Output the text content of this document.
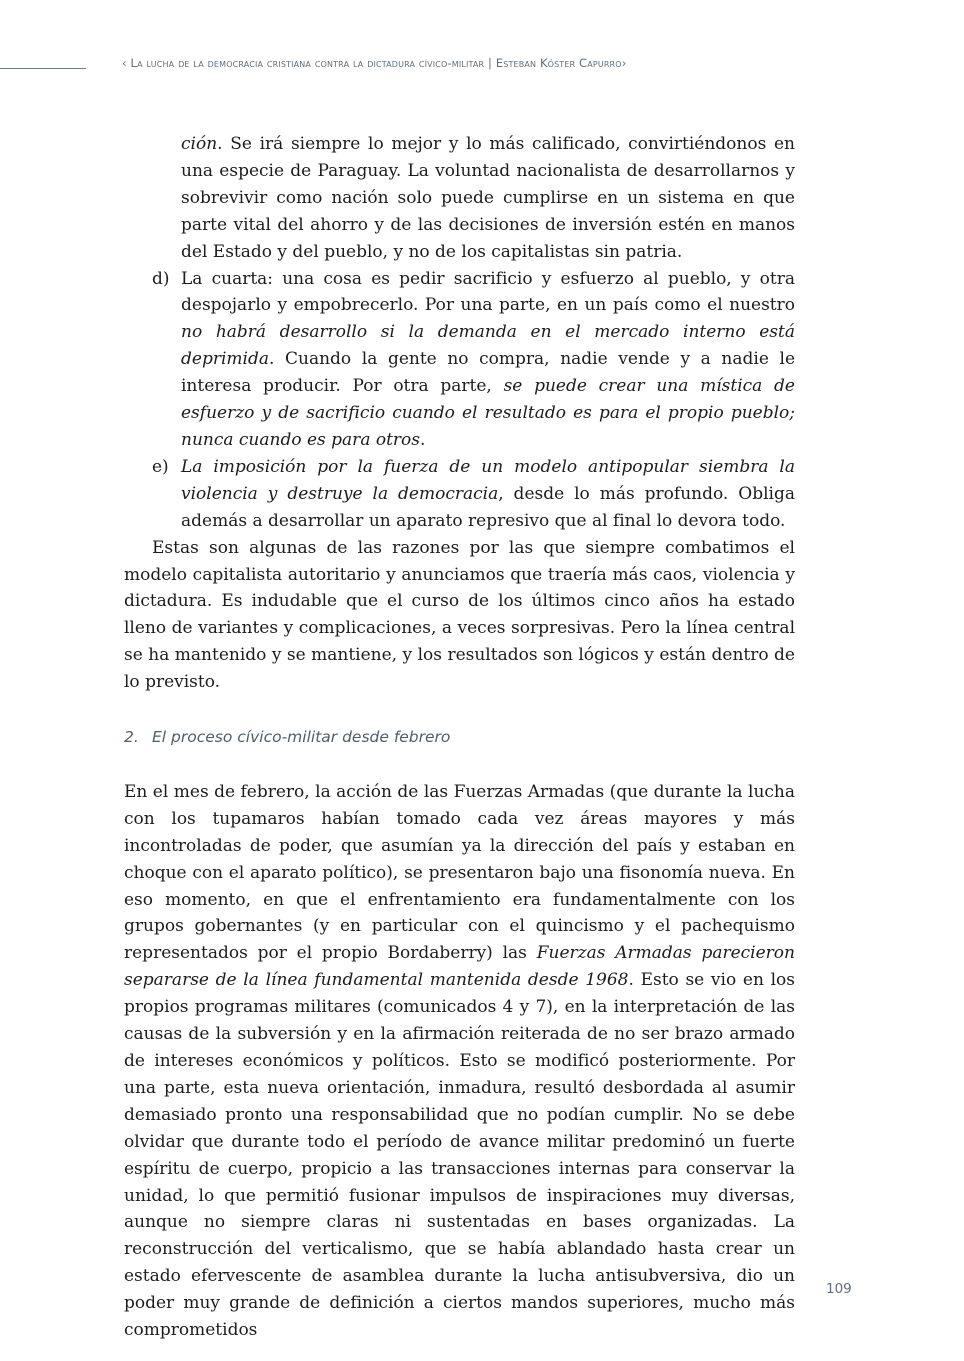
‹ La lucha de la democracia cristiana contra la dictadura cívico-militar | Esteban Köster Capurro›

ción. Se irá siempre lo mejor y lo más calificado, convirtiéndonos en una especie de Paraguay. La voluntad nacionalista de desarrollarnos y sobrevivir como nación solo puede cumplirse en un sistema en que parte vital del ahorro y de las decisiones de inversión estén en manos del Estado y del pueblo, y no de los capitalistas sin patria.

d) La cuarta: una cosa es pedir sacrificio y esfuerzo al pueblo, y otra despojarlo y empobrecerlo. Por una parte, en un país como el nuestro no habrá desarrollo si la demanda en el mercado interno está deprimida. Cuando la gente no compra, nadie vende y a nadie le interesa producir. Por otra parte, se puede crear una mística de esfuerzo y de sacrificio cuando el resultado es para el propio pueblo; nunca cuando es para otros.

e) La imposición por la fuerza de un modelo antipopular siembra la violencia y destruye la democracia, desde lo más profundo. Obliga además a desarrollar un aparato represivo que al final lo devora todo.

Estas son algunas de las razones por las que siempre combatimos el modelo capitalista autoritario y anunciamos que traería más caos, violencia y dictadura. Es indudable que el curso de los últimos cinco años ha estado lleno de variantes y complicaciones, a veces sorpresivas. Pero la línea central se ha mantenido y se mantiene, y los resultados son lógicos y están dentro de lo previsto.

2. El proceso cívico-militar desde febrero

En el mes de febrero, la acción de las Fuerzas Armadas (que durante la lucha con los tupamaros habían tomado cada vez áreas mayores y más incontroladas de poder, que asumían ya la dirección del país y estaban en choque con el aparato político), se presentaron bajo una fisonomía nueva. En eso momento, en que el enfrentamiento era fundamentalmente con los grupos gobernantes (y en particular con el quincismo y el pachequismo representados por el propio Bordaberry) las Fuerzas Armadas parecieron separarse de la línea fundamental mantenida desde 1968. Esto se vio en los propios programas militares (comunicados 4 y 7), en la interpretación de las causas de la subversión y en la afirmación reiterada de no ser brazo armado de intereses económicos y políticos. Esto se modificó posteriormente. Por una parte, esta nueva orientación, inmadura, resultó desbordada al asumir demasiado pronto una responsabilidad que no podían cumplir. No se debe olvidar que durante todo el período de avance militar predominó un fuerte espíritu de cuerpo, propicio a las transacciones internas para conservar la unidad, lo que permitió fusionar impulsos de inspiraciones muy diversas, aunque no siempre claras ni sustentadas en bases organizadas. La reconstrucción del verticalismo, que se había ablandado hasta crear un estado efervescente de asamblea durante la lucha antisubversiva, dio un poder muy grande de definición a ciertos mandos superiores, mucho más comprometidos

109
